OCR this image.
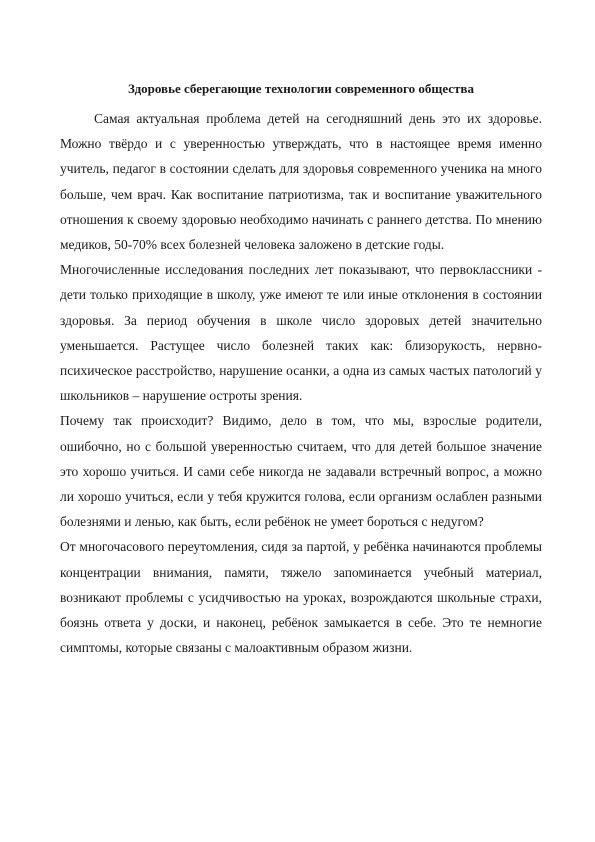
Здоровье сберегающие технологии современного общества

Самая актуальная проблема детей на сегодняшний день это их здоровье. Можно твёрдо и с уверенностью утверждать, что в настоящее время именно учитель, педагог в состоянии сделать для здоровья современного ученика на много больше, чем врач. Как воспитание патриотизма, так и воспитание уважительного отношения к своему здоровью необходимо начинать с раннего детства. По мнению медиков, 50-70% всех болезней человека заложено в детские годы.

Многочисленные исследования последних лет показывают, что первоклассники - дети только приходящие в школу, уже имеют те или иные отклонения в состоянии здоровья. За период обучения в школе число здоровых детей значительно уменьшается. Растущее число болезней таких как: близорукость, нервно-психическое расстройство, нарушение осанки, а одна из самых частых патологий у школьников – нарушение остроты зрения.

Почему так происходит? Видимо, дело в том, что мы, взрослые родители, ошибочно, но с большой уверенностью считаем, что для детей большое значение это хорошо учиться. И сами себе никогда не задавали встречный вопрос, а можно ли хорошо учиться, если у тебя кружится голова, если организм ослаблен разными болезнями и ленью, как быть, если ребёнок не умеет бороться с недугом?

От многочасового переутомления, сидя за партой, у ребёнка начинаются проблемы концентрации внимания, памяти, тяжело запоминается учебный материал, возникают проблемы с усидчивостью на уроках, возрождаются школьные страхи, боязнь ответа у доски, и наконец, ребёнок замыкается в себе. Это те немногие симптомы, которые связаны с малоактивным образом жизни.
